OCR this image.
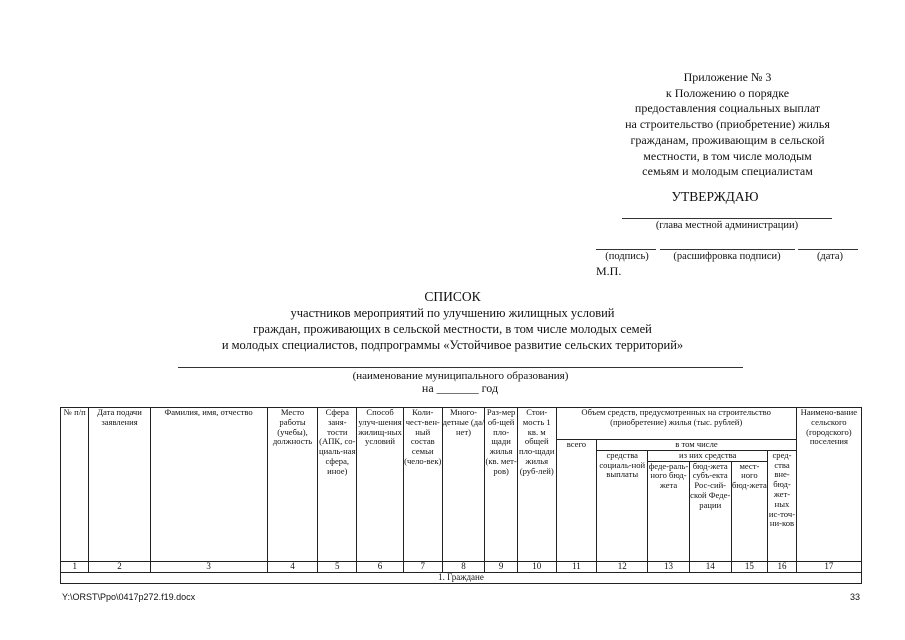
Приложение № 3
к Положению о порядке
предоставления социальных выплат
на строительство (приобретение) жилья
гражданам, проживающим в сельской
местности, в том числе молодым
семьям и молодым специалистам
УТВЕРЖДАЮ
(глава местной администрации)
(подпись)	(расшифровка подписи)	(дата)
М.П.
СПИСОК
участников мероприятий по улучшению жилищных условий
граждан, проживающих в сельской местности, в том числе молодых семей
и молодых специалистов, подпрограммы «Устойчивое развитие сельских территорий»
(наименование муниципального образования)
на _______ год
№ п/п	Дата подачи заявления	Фамилия, имя, отчество	Место работы (учебы), должность	Сфера заня-тости (АПК, со-циаль-ная сфера, иное)	Способ улуч-шения жилищ-ных условий	Коли-чест-вен-ный состав семьи (чело-век)	Много-детные (да/нет)	Раз-мер об-щей пло-щади жилья (кв. мет-ров)	Стои-мость 1 кв. м общей пло-щади жилья (руб-лей)	Объем средств, предусмотренных на строительство (приобретение) жилья (тыс. рублей)						Наимено-вание сельского (городского) поселения
										всего	в том числе					
											средства социаль-ной выплаты	из них средства			сред-ства вне-бюд-жет-ных ис-точ-ни-ков	
												феде-раль-ного бюд-жета	бюд-жета субъ-екта Рос-сий-ской Феде-рации	мест-ного бюд-жета		
1	2	3	4	5	6	7	8	9	10	11	12	13	14	15	16	17
1. Граждане																
Y:\ORST\Ppo\0417p272.f19.docx	33
